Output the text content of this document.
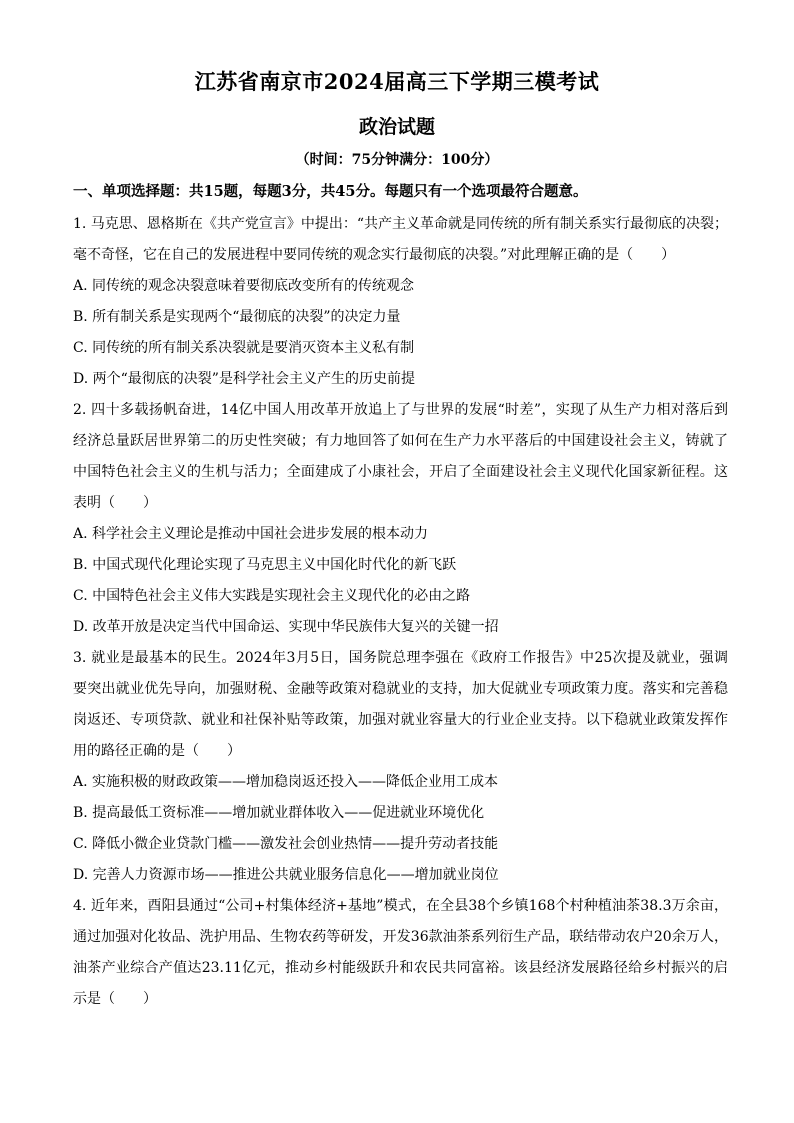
江苏省南京市2024届高三下学期三模考试
政治试题
（时间：75分钟满分：100分）
一、单项选择题：共15题，每题3分，共45分。每题只有一个选项最符合题意。
1. 马克思、恩格斯在《共产党宣言》中提出：“共产主义革命就是同传统的所有制关系实行最彻底的决裂；
毫不奇怪，它在自己的发展进程中要同传统的观念实行最彻底的决裂。”对此理解正确的是（　　）
A. 同传统的观念决裂意味着要彻底改变所有的传统观念
B. 所有制关系是实现两个“最彻底的决裂”的决定力量
C. 同传统的所有制关系决裂就是要消灭资本主义私有制
D. 两个“最彻底的决裂”是科学社会主义产生的历史前提
2. 四十多载扬帆奋进，14亿中国人用改革开放追上了与世界的发展“时差”，实现了从生产力相对落后到
经济总量跃居世界第二的历史性突破；有力地回答了如何在生产力水平落后的中国建设社会主义，铸就了
中国特色社会主义的生机与活力；全面建成了小康社会，开启了全面建设社会主义现代化国家新征程。这
表明（　　）
A. 科学社会主义理论是推动中国社会进步发展的根本动力
B. 中国式现代化理论实现了马克思主义中国化时代化的新飞跃
C. 中国特色社会主义伟大实践是实现社会主义现代化的必由之路
D. 改革开放是决定当代中国命运、实现中华民族伟大复兴的关键一招
3. 就业是最基本的民生。2024年3月5日，国务院总理李强在《政府工作报告》中25次提及就业，强调
要突出就业优先导向，加强财税、金融等政策对稳就业的支持，加大促就业专项政策力度。落实和完善稳
岗返还、专项贷款、就业和社保补贴等政策，加强对就业容量大的行业企业支持。以下稳就业政策发挥作
用的路径正确的是（　　）
A. 实施积极的财政政策——增加稳岗返还投入——降低企业用工成本
B. 提高最低工资标准——增加就业群体收入——促进就业环境优化
C. 降低小微企业贷款门槛——激发社会创业热情——提升劳动者技能
D. 完善人力资源市场——推进公共就业服务信息化——增加就业岗位
4. 近年来，酉阳县通过“公司+村集体经济+基地”模式，在全县38个乡镇168个村种植油茶38.3万余亩，
通过加强对化妆品、洗护用品、生物农药等研发，开发36款油茶系列衍生产品，联结带动农户20余万人，
油茶产业综合产值达23.11亿元，推动乡村能级跃升和农民共同富裕。该县经济发展路径给乡村振兴的启
示是（　　）
